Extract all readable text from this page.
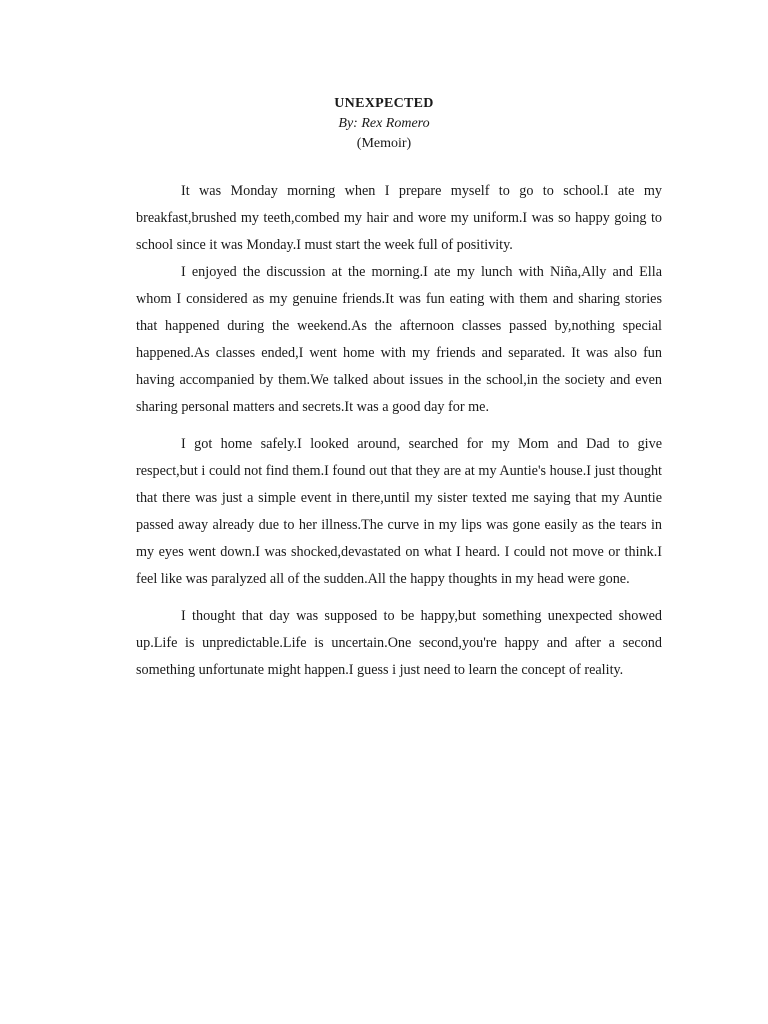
UNEXPECTED
By: Rex Romero
(Memoir)

It was Monday morning when I prepare myself to go to school.I ate my breakfast,brushed my teeth,combed my hair and wore my uniform.I was so happy going to school since it was Monday.I must start the week full of positivity.

I enjoyed the discussion at the morning.I ate my lunch with Niña,Ally and Ella whom I considered as my genuine friends.It was fun eating with them and sharing stories that happened during the weekend.As the afternoon classes passed by,nothing special happened.As classes ended,I went home with my friends and separated. It was also fun having accompanied by them.We talked about issues in the school,in the society and even sharing personal matters and secrets.It was a good day for me.

I got home safely.I looked around, searched for my Mom and Dad to give respect,but i could not find them.I found out that they are at my Auntie's house.I just thought that there was just a simple event in there,until my sister texted me saying that my Auntie passed away already due to her illness.The curve in my lips was gone easily as the tears in my eyes went down.I was shocked,devastated on what I heard. I could not move or think.I feel like was paralyzed all of the sudden.All the happy thoughts in my head were gone.

I thought that day was supposed to be happy,but something unexpected showed up.Life is unpredictable.Life is uncertain.One second,you're happy and after a second something unfortunate might happen.I guess i just need to learn the concept of reality.
